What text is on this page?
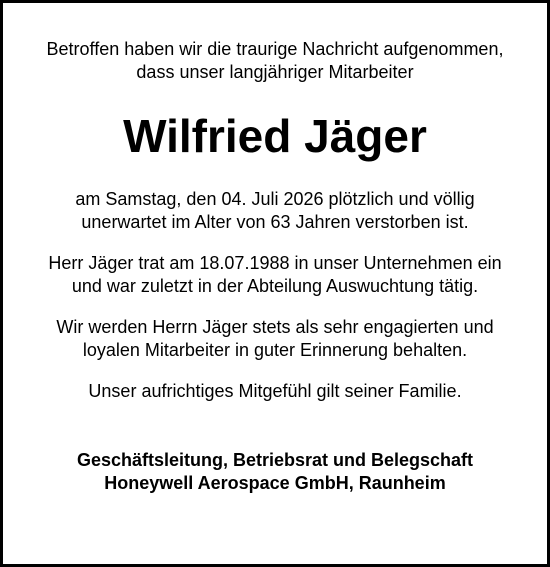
Betroffen haben wir die traurige Nachricht aufgenommen,
dass unser langjähriger Mitarbeiter
Wilfried Jäger
am Samstag, den 04. Juli 2026 plötzlich und völlig
unerwartet im Alter von 63 Jahren verstorben ist.
Herr Jäger trat am 18.07.1988 in unser Unternehmen ein
und war zuletzt in der Abteilung Auswuchtung tätig.
Wir werden Herrn Jäger stets als sehr engagierten und
loyalen Mitarbeiter in guter Erinnerung behalten.
Unser aufrichtiges Mitgefühl gilt seiner Familie.
Geschäftsleitung, Betriebsrat und Belegschaft
Honeywell Aerospace GmbH, Raunheim
